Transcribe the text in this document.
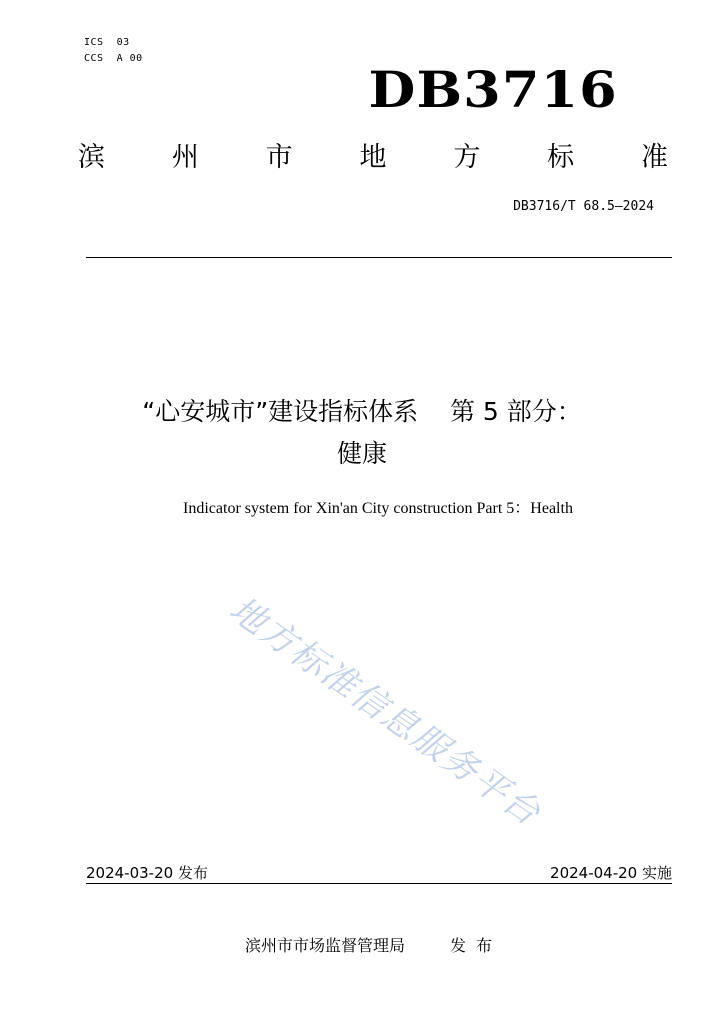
ICS  03
CCS  A 00
DB3716
滨 州 市 地 方 标 准
DB3716/T 68.5—2024
“心安城市”建设指标体系    第 5 部分：
健康
Indicator system for Xin'an City construction Part 5：Health
地方标准信息服务平台
2024-03-20 发布	2024-04-20 实施
滨州市市场监督管理局	发布
